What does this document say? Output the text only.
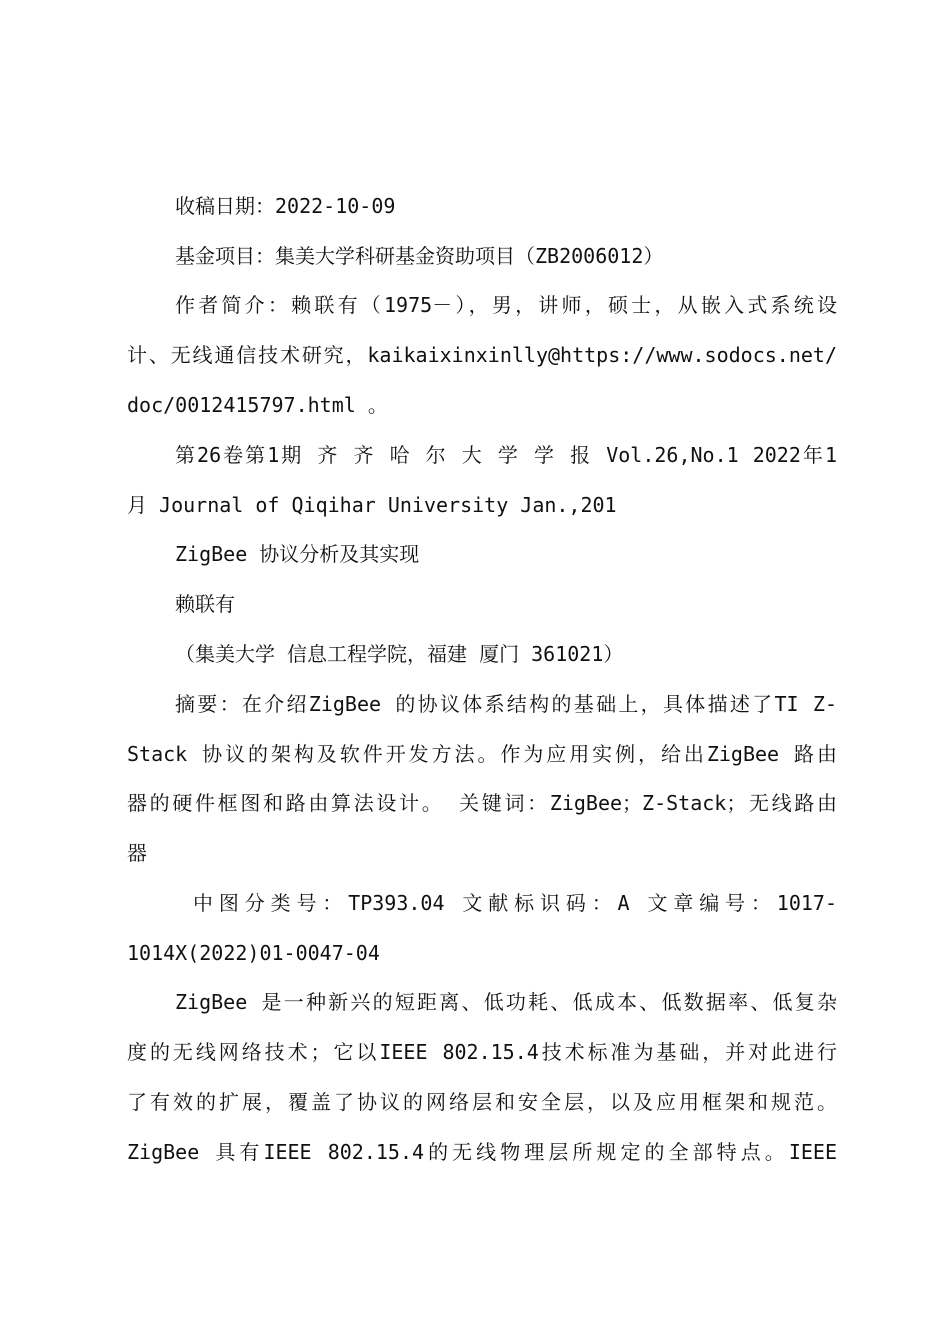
收稿日期：2022-10-09
基金项目：集美大学科研基金资助项目（ZB2006012）
作者简介：赖联有（1975－），男，讲师，硕士，从嵌入式系统设
计、无线通信技术研究，kaikaixinxinlly@https://www.sodocs.net/
doc/0012415797.html 。
第26卷第1期 齐 齐 哈 尔 大 学 学 报 Vol.26,No.1 2022年1
月 Journal of Qiqihar University Jan.,201
ZigBee 协议分析及其实现
赖联有
（集美大学 信息工程学院，福建 厦门 361021）
摘要：在介绍ZigBee 的协议体系结构的基础上，具体描述了TI Z-
Stack 协议的架构及软件开发方法。作为应用实例，给出ZigBee 路由
器的硬件框图和路由算法设计。 关键词：ZigBee；Z-Stack；无线路由
器
中图分类号：TP393.04 文献标识码：A 文章编号：1017-
1014X(2022)01-0047-04
ZigBee 是一种新兴的短距离、低功耗、低成本、低数据率、低复杂
度的无线网络技术；它以IEEE 802.15.4技术标准为基础，并对此进行
了有效的扩展，覆盖了协议的网络层和安全层，以及应用框架和规范。
ZigBee 具有IEEE 802.15.4的无线物理层所规定的全部特点。IEEE
